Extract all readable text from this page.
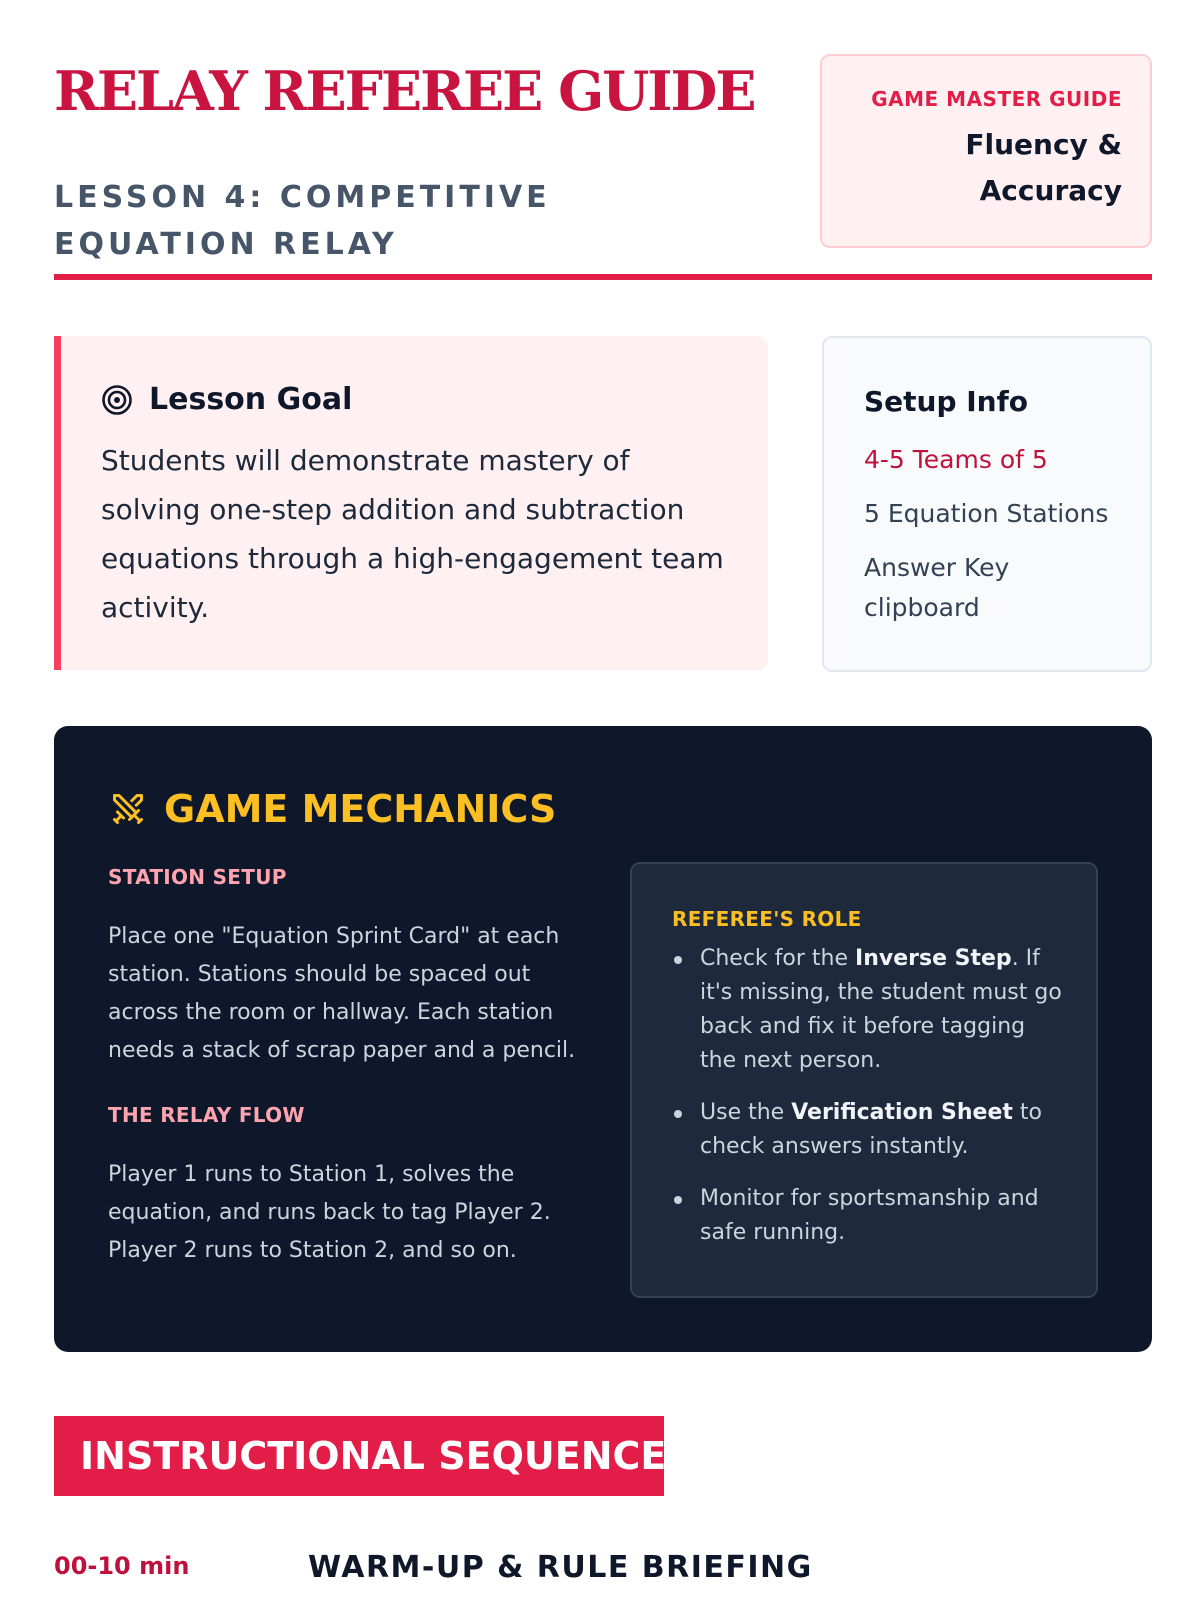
RELAY REFEREE GUIDE
LESSON 4: COMPETITIVE EQUATION RELAY
GAME MASTER GUIDE
Fluency & Accuracy
Lesson Goal

Students will demonstrate mastery of solving one-step addition and subtraction equations through a high-engagement team activity.

Setup Info
4-5 Teams of 5
5 Equation Stations
Answer Key clipboard
GAME MECHANICS
STATION SETUP

Place one "Equation Sprint Card" at each station. Stations should be spaced out across the room or hallway. Each station needs a stack of scrap paper and a pencil.

THE RELAY FLOW

Player 1 runs to Station 1, solves the equation, and runs back to tag Player 2. Player 2 runs to Station 2, and so on.

REFEREE'S ROLE
Check for the Inverse Step. If it's missing, the student must go back and fix it before tagging the next person.
Use the Verification Sheet to check answers instantly.
Monitor for sportsmanship and safe running.
INSTRUCTIONAL SEQUENCE
00-10 min	WARM-UP & RULE BRIEFING
